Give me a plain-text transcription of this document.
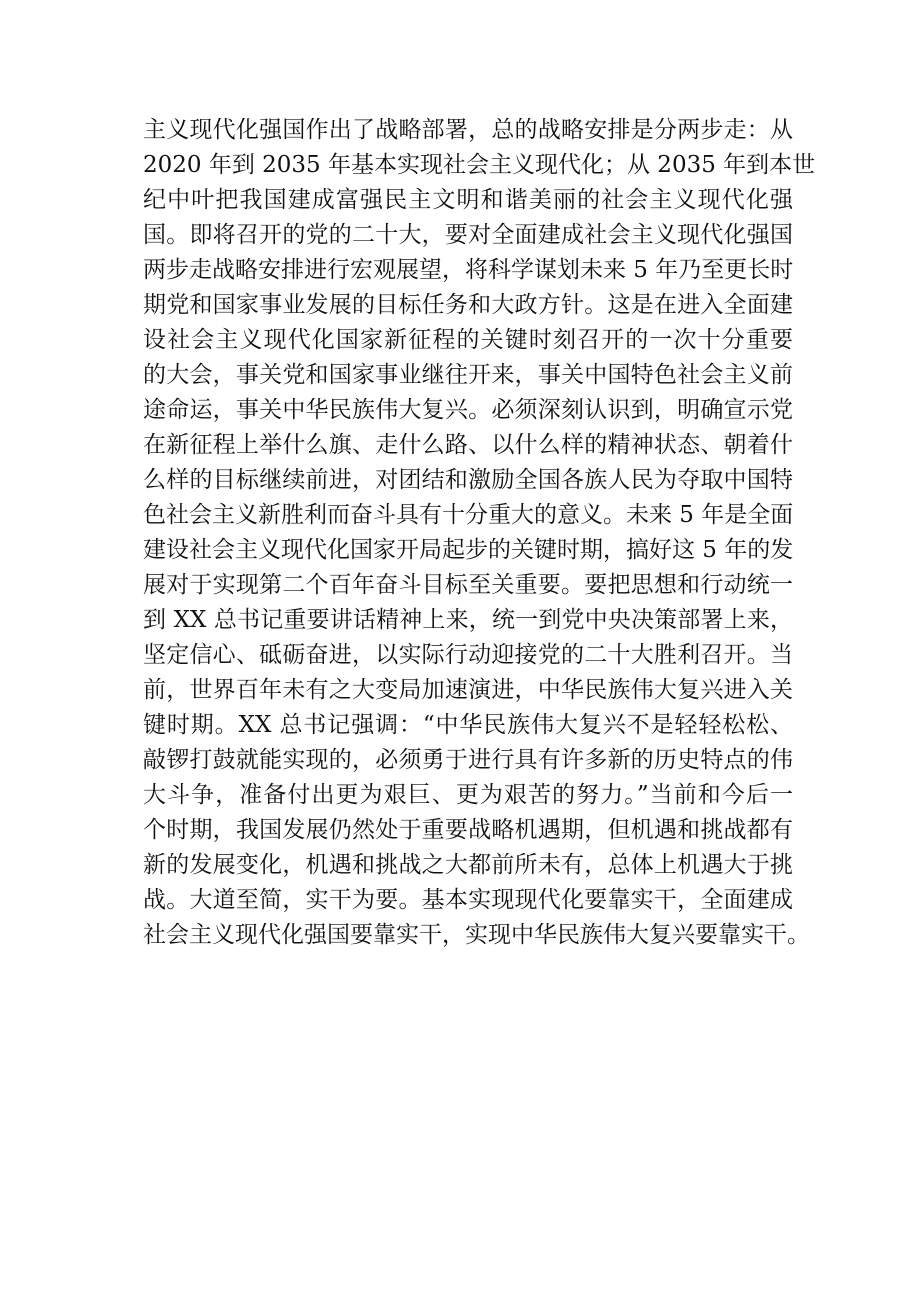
主义现代化强国作出了战略部署，总的战略安排是分两步走：从
2020 年到 2035 年基本实现社会主义现代化；从 2035 年到本世
纪中叶把我国建成富强民主文明和谐美丽的社会主义现代化强
国。即将召开的党的二十大，要对全面建成社会主义现代化强国
两步走战略安排进行宏观展望，将科学谋划未来 5 年乃至更长时
期党和国家事业发展的目标任务和大政方针。这是在进入全面建
设社会主义现代化国家新征程的关键时刻召开的一次十分重要
的大会，事关党和国家事业继往开来，事关中国特色社会主义前
途命运，事关中华民族伟大复兴。必须深刻认识到，明确宣示党
在新征程上举什么旗、走什么路、以什么样的精神状态、朝着什
么样的目标继续前进，对团结和激励全国各族人民为夺取中国特
色社会主义新胜利而奋斗具有十分重大的意义。未来 5 年是全面
建设社会主义现代化国家开局起步的关键时期，搞好这 5 年的发
展对于实现第二个百年奋斗目标至关重要。要把思想和行动统一
到 XX 总书记重要讲话精神上来，统一到党中央决策部署上来，
坚定信心、砥砺奋进，以实际行动迎接党的二十大胜利召开。当
前，世界百年未有之大变局加速演进，中华民族伟大复兴进入关
键时期。XX 总书记强调：“中华民族伟大复兴不是轻轻松松、
敲锣打鼓就能实现的，必须勇于进行具有许多新的历史特点的伟
大斗争，准备付出更为艰巨、更为艰苦的努力。”当前和今后一
个时期，我国发展仍然处于重要战略机遇期，但机遇和挑战都有
新的发展变化，机遇和挑战之大都前所未有，总体上机遇大于挑
战。大道至简，实干为要。基本实现现代化要靠实干，全面建成
社会主义现代化强国要靠实干，实现中华民族伟大复兴要靠实干。
